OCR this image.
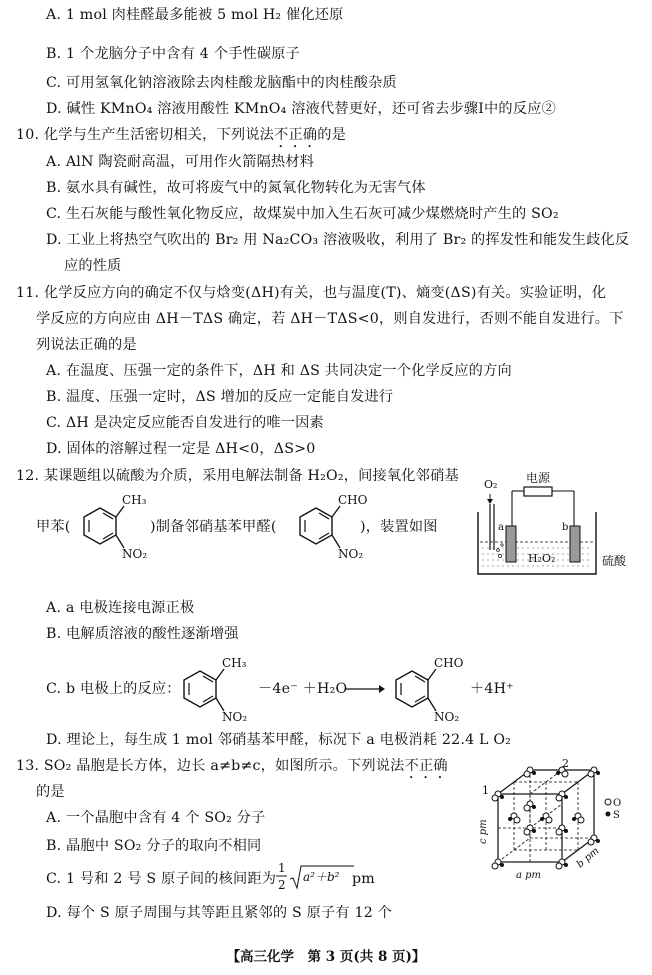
A. 1 mol 肉桂醛最多能被 5 mol H₂ 催化还原
B. 1 个龙脑分子中含有 4 个手性碳原子
C. 可用氢氧化钠溶液除去肉桂酸龙脑酯中的肉桂酸杂质
D. 碱性 KMnO₄ 溶液用酸性 KMnO₄ 溶液代替更好，还可省去步骤Ⅰ中的反应②
10. 化学与生产生活密切相关，下列说法不正确的是
A. AlN 陶瓷耐高温，可用作火箭隔热材料
B. 氨水具有碱性，故可将废气中的氮氧化物转化为无害气体
C. 生石灰能与酸性氧化物反应，故煤炭中加入生石灰可减少煤燃烧时产生的 SO₂
D. 工业上将热空气吹出的 Br₂ 用 Na₂CO₃ 溶液吸收，利用了 Br₂ 的挥发性和能发生歧化反
应的性质
11. 化学反应方向的确定不仅与焓变(ΔH)有关，也与温度(T)、熵变(ΔS)有关。实验证明，化
学反应的方向应由 ΔH－TΔS 确定，若 ΔH－TΔS<0，则自发进行，否则不能自发进行。下
列说法正确的是
A. 在温度、压强一定的条件下，ΔH 和 ΔS 共同决定一个化学反应的方向
B. 温度、压强一定时，ΔS 增加的反应一定能自发进行
C. ΔH 是决定反应能否自发进行的唯一因素
D. 固体的溶解过程一定是 ΔH<0，ΔS>0
12. 某课题组以硫酸为介质，采用电解法制备 H₂O₂，间接氧化邻硝基
甲苯(	)制备邻硝基苯甲醛(	)，装置如图
CH₃
NO₂
CHO
NO₂
电源
O₂
a	b
H₂O₂	硫酸
A. a 电极连接电源正极
B. 电解质溶液的酸性逐渐增强
C. b 电极上的反应：
CH₃
NO₂
－4e⁻ ＋H₂O
CHO
NO₂
＋4H⁺
D. 理论上，每生成 1 mol 邻硝基苯甲醛，标况下 a 电极消耗 22.4 L O₂
13. SO₂ 晶胞是长方体，边长 a≠b≠c，如图所示。下列说法不正确
的是
A. 一个晶胞中含有 4 个 SO₂ 分子
B. 晶胞中 SO₂ 分子的取向不相同
C. 1 号和 2 号 S 原子间的核间距为
1
2
a²＋b² pm
D. 每个 S 原子周围与其等距且紧邻的 S 原子有 12 个
1
2
a pm
b pm
c pm
O
S
【高三化学　第 3 页(共 8 页)】
